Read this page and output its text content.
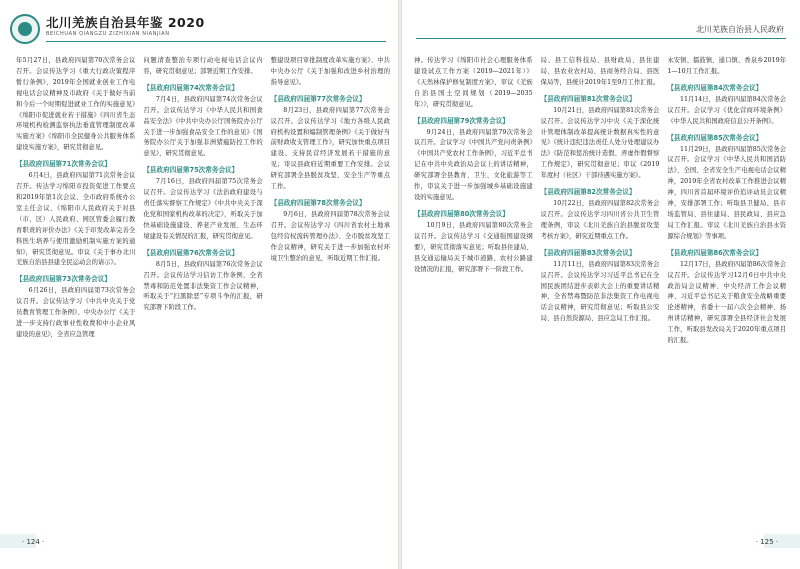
北川羌族自治县年鉴 2020
BEICHUAN QIANGZU ZIZHIXIAN NIANJIAN

年5月27日，县政府四届第70次常务会议召开。会议传达学习《重大行政决策程序暂行条例》、2019年全国就业创业工作电视电话会议精神及市政府《关于做好当前和今后一个时期促进就业工作的实施意见》《绵阳市促进就业若干措施》《四川省生态环境机构检测监察执法垂直管理制度改革实施方案》《绵阳市全民健身公共服务体系建设实施方案》，研究贯彻意见。

【县政府四届第71次常务会议】

6月4日，县政府四届第71次常务会议召开。传达学习绵阳市投资促进工作要点和2019年第1次会议、全市政府系统办公室主任会议、《绵阳市人民政府关于对县（市、区）人民政府、园区管委会履行教育职责的评价办法》《关于印发改革完善全科医生培养与使用激励机制实施方案的通知》，研究贯彻意见。审议《关于事办北川羌族自治县县建全民运动会的请示》。

【县政府四届第73次常务会议】

6月26日，县政府四届第73次常务会议召开。会议传达学习《中共中央关于党员教育管理工作条例》、中央办公厅《关于进一步支持行政事业性收费和中小企业风建设的意见》，全省应急管理

问题清查整治专项行动电视电话会议内容，研究贯彻意见；部署近期工作安排。

【县政府四届第74次常务会议】

7月4日，县政府四届第74次常务会议召开。会议传达学习《中华人民共和国食品安全法》《中共中央办公厅国务院办公厅关于进一步加强食品安全工作的意见》《国务院办公厅关于加强非洲猪瘟防控工作的意见》，研究贯彻意见。

【县政府四届第75次常务会议】

7月16日，县政府四届第75次常务会议召开。会议传达学习《法治政府建设与责任落实督察工作规定》《中共中央关于深化党和国家机构改革的决定》，听取关于加快基础设施建设、养老产业发展、生态环境建设有关情况的汇报，研究贯彻意见。

【县政府四届第76次常务会议】

8月5日，县政府四届第76次常务会议召开。会议传达学习信访工作条例、全省禁毒和防范处置非法集资工作会议精神，听取关于“扫黑除恶”专项斗争的汇报，研究部署下阶段工作。

整建设项目审批制度改革实施方案》、中共中央办公厅《关于加强和改进乡村治理的指导意见》。

【县政府四届第77次常务会议】

8月23日，县政府四届第77次常务会议召开。会议传达学习《地方各级人民政府机构设置和编制管理条例》《关于做好当前财政收支管理工作》，研究加快重点项目建设、支持民营经济发展若干措施的意见；审议县政府近期重要工作安排。会议研究部署全县脱贫攻坚、安全生产等重点工作。

【县政府四届第78次常务会议】

9月6日，县政府四届第78次常务会议召开。会议传达学习《四川省农村土地承包经营权流转管理办法》、全市脱贫攻坚工作会议精神，研究关于进一步加强农村环境卫生整治的意见，听取近期工作汇报。

· 124 ·
北川羌族自治县人民政府

神。传达学习《绵阳市社会心理服务体系建设试点工作方案（2019—2021年）》《天然林保护修复制度方案》，审议《羌族自治县国土空间规划（2019—2035年）》，研究贯彻意见。

【县政府四届第79次常务会议】

9月24日，县政府四届第79次常务会议召开。会议学习《中国共产党问责条例》《中国共产党农村工作条例》，习近平总书记在中共中央政治局会议上的讲话精神，研究部署全县教育、卫生、文化旅游等工作，审议关于进一步加强城乡基础设施建设的实施意见。

【县政府四届第80次常务会议】

10月9日，县政府四届第80次常务会议召开。会议传达学习《交通强国建设纲要》，研究贯彻落实意见；听取县住建局、县交通运输局关于城市道路、农村公路建设情况的汇报，研究部署下一阶段工作。

局、县工信科技局、县财政局、县住建局、县农业农村局、县商务经合局、县医保局等，县统计2019年1至9月工作汇报。

【县政府四届第81次常务会议】

10月21日，县政府四届第81次常务会议召开。会议传达学习中央《关于深化统计管理体制改革提高统计数据真实性的意见》《统计违纪违法责任人处分处理建议办法》《防范和惩治统计造假、弄虚作假督察工作规定》，研究贯彻意见；审议《2019年度村（社区）干部待遇实施方案》。

【县政府四届第82次常务会议】

10月22日，县政府四届第82次常务会议召开。会议传达学习四川省公共卫生管理条例，审议《北川羌族自治县脱贫攻坚考核方案》，研究近期重点工作。

【县政府四届第83次常务会议】

11月11日，县政府四届第83次常务会议召开。会议传达学习习近平总书记在全国民族团结进步表彰大会上的重要讲话精神，全省禁毒暨防范非法集资工作电视电话会议精神，研究贯彻意见；听取县公安局、县自然资源局、县应急局工作汇报。

永安镇、擂鼓镇、通口镇、香泉乡2019年1—10月工作汇报。

【县政府四届第84次常务会议】

11月14日，县政府四届第84次常务会议召开。会议学习《优化营商环境条例》《中华人民共和国政府信息公开条例》。

【县政府四届第85次常务会议】

11月29日，县政府四届第85次常务会议召开。会议学习《中华人民共和国消防法》、全国、全省安全生产电视电话会议精神，2019年全省农村改革工作推进会议精神，四川省首届环境评价追评动员会议精神，安排部署工作；听取县卫健局、县市场监管局、县住建局、县民政局、县应急局工作汇报。审议《北川羌族自治县水资源综合规划》等事项。

【县政府四届第86次常务会议】

12月17日，县政府四届第86次常务会议召开。会议传达学习12月6日中共中央政治局会议精神、中央经济工作会议精神、习近平总书记关于粮食安全战略重要论述精神，省委十一届六次全会精神、扬州讲话精神，研究部署全县经济社会发展工作，听取县发改局关于2020年重点项目的汇报。

· 125 ·
